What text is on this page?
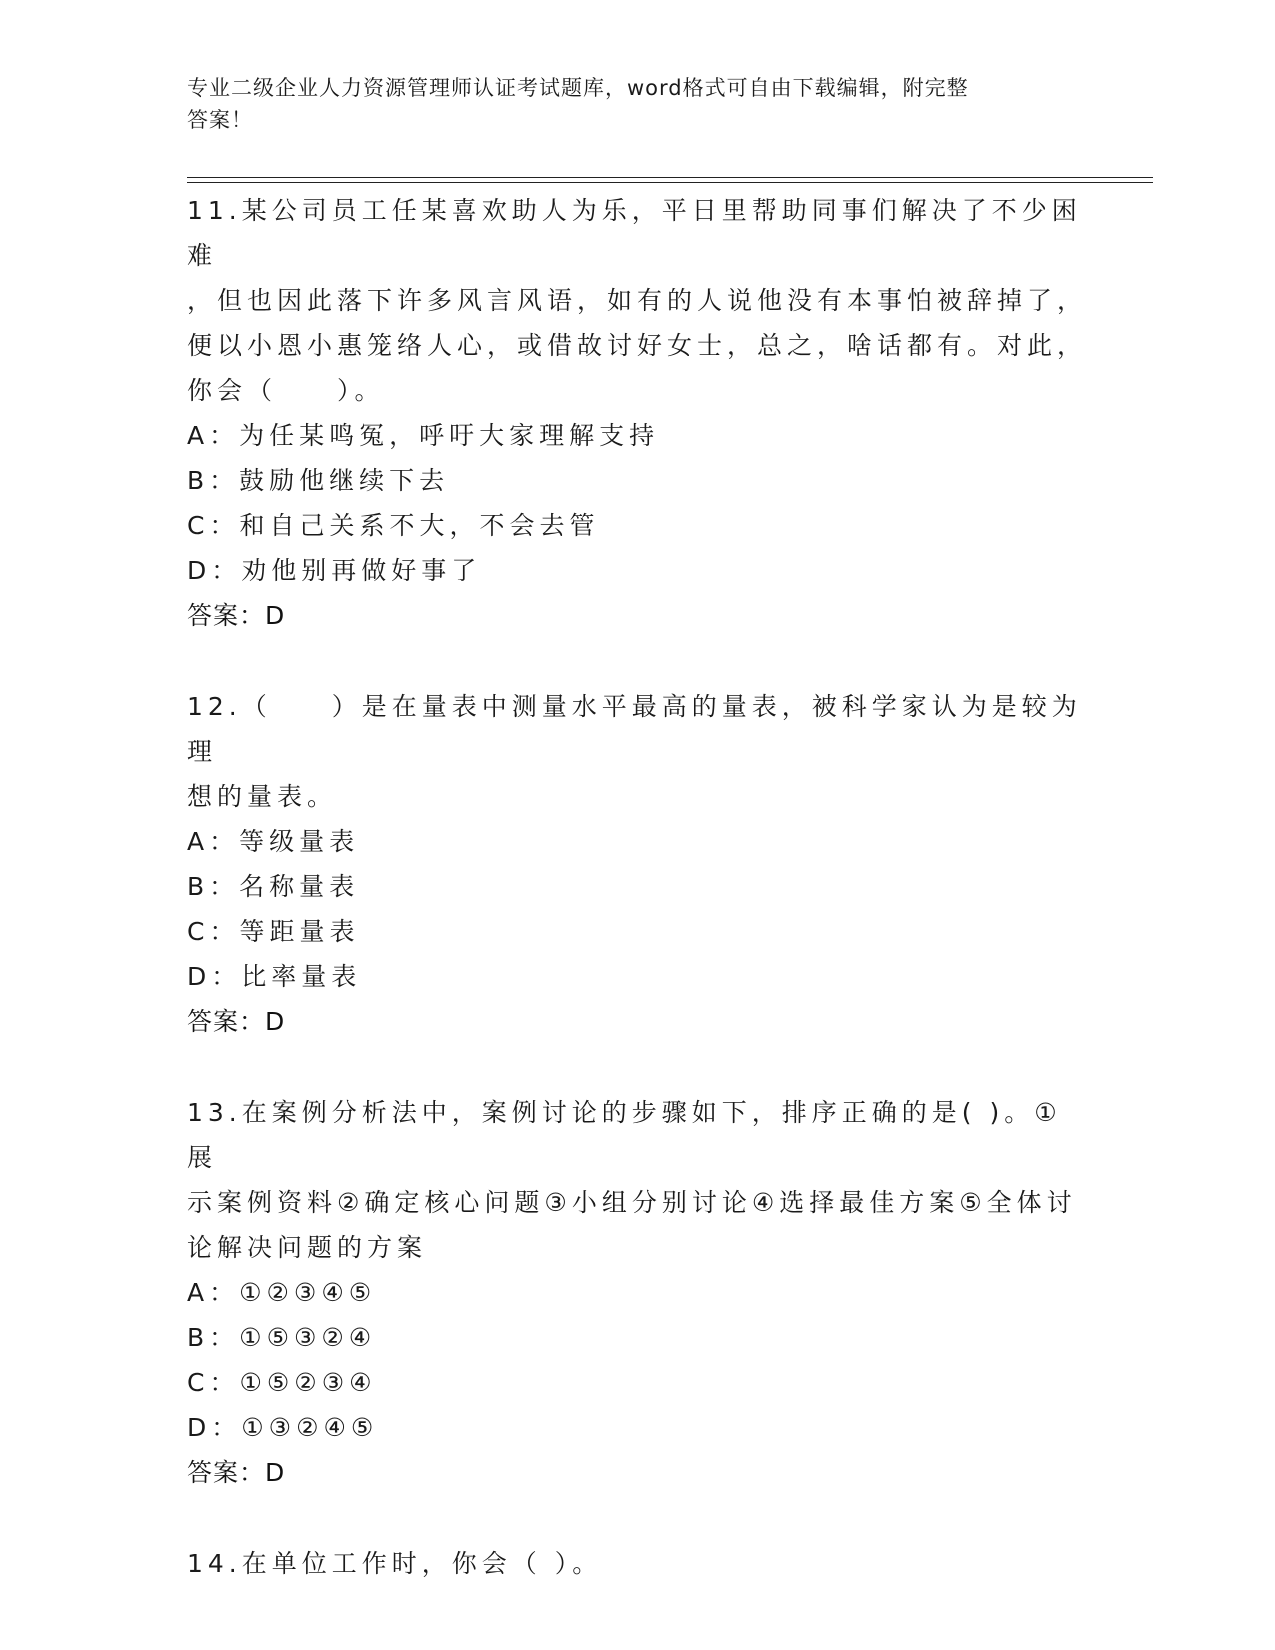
专业二级企业人力资源管理师认证考试题库，word格式可自由下载编辑，附完整
答案！

11.某公司员工任某喜欢助人为乐，平日里帮助同事们解决了不少困难

，但也因此落下许多风言风语，如有的人说他没有本事怕被辞掉了，

便以小恩小惠笼络人心，或借故讨好女士，总之，啥话都有。对此，

你会（　　）。

A：为任某鸣冤，呼吁大家理解支持

B：鼓励他继续下去

C：和自己关系不大，不会去管

D：劝他别再做好事了

答案：D

12.（　　）是在量表中测量水平最高的量表，被科学家认为是较为理

想的量表。

A：等级量表

B：名称量表

C：等距量表

D：比率量表

答案：D

13.在案例分析法中，案例讨论的步骤如下，排序正确的是( )。①展

示案例资料②确定核心问题③小组分别讨论④选择最佳方案⑤全体讨

论解决问题的方案

A：①②③④⑤

B：①⑤③②④

C：①⑤②③④

D：①③②④⑤

答案：D

14.在单位工作时，你会（ ）。
